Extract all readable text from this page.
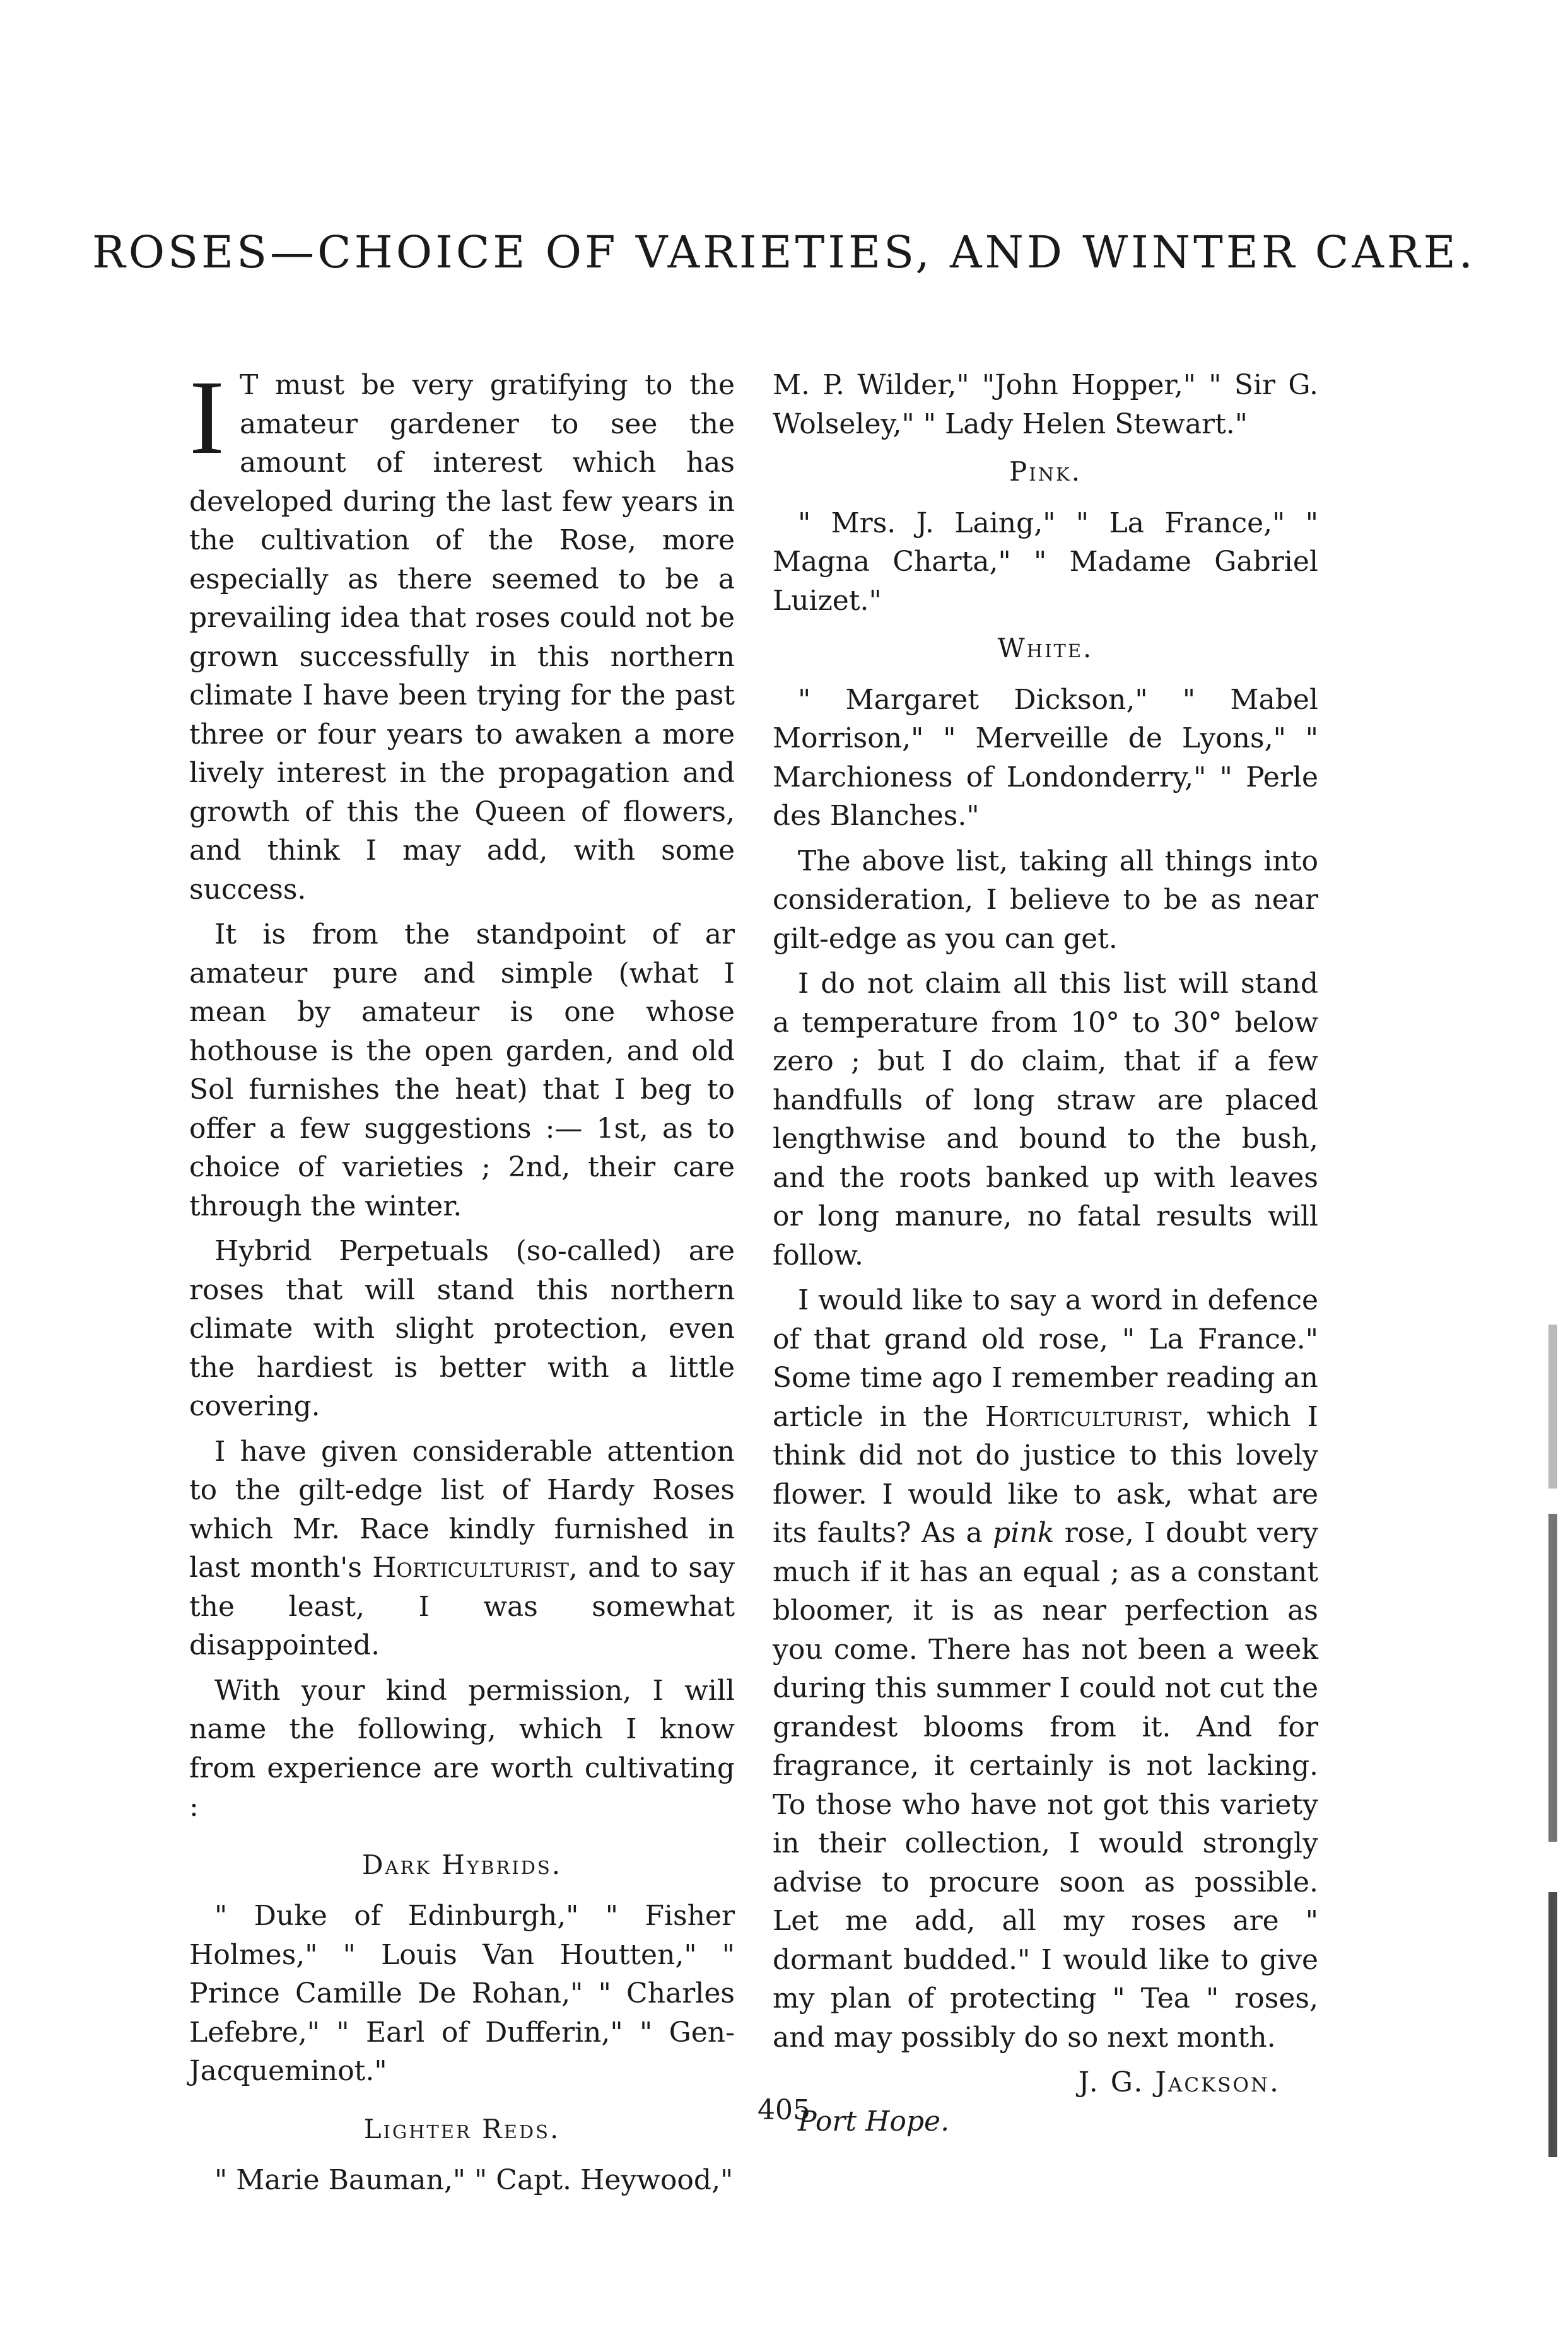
ROSES—CHOICE OF VARIETIES, AND WINTER CARE.

I T must be very gratifying to the amateur gardener to see the amount of interest which has developed during the last few years in the cultivation of the Rose, more especially as there seemed to be a prevailing idea that roses could not be grown successfully in this northern climate I have been trying for the past three or four years to awaken a more lively interest in the propagation and growth of this the Queen of flowers, and think I may add, with some success.

It is from the standpoint of ar amateur pure and simple (what I mean by amateur is one whose hothouse is the open garden, and old Sol furnishes the heat) that I beg to offer a few suggestions :— 1st, as to choice of varieties ; 2nd, their care through the winter.

Hybrid Perpetuals (so-called) are roses that will stand this northern climate with slight protection, even the hardiest is better with a little covering.

I have given considerable attention to the gilt-edge list of Hardy Roses which Mr. Race kindly furnished in last month's Horticulturist, and to say the least, I was somewhat disappointed.

With your kind permission, I will name the following, which I know from experience are worth cultivating :

Dark Hybrids.

" Duke of Edinburgh," " Fisher Holmes," " Louis Van Houtten," " Prince Camille De Rohan," " Charles Lefebre," " Earl of Dufferin," " Gen-Jacqueminot."

Lighter Reds.

" Marie Bauman," " Capt. Heywood,"

M. P. Wilder," "John Hopper," " Sir G. Wolseley," " Lady Helen Stewart."

Pink.

" Mrs. J. Laing," " La France," " Magna Charta," " Madame Gabriel Luizet."

White.

" Margaret Dickson," " Mabel Morrison," " Merveille de Lyons," " Marchioness of Londonderry," " Perle des Blanches."

The above list, taking all things into consideration, I believe to be as near gilt-edge as you can get.

I do not claim all this list will stand a temperature from 10° to 30° below zero ; but I do claim, that if a few handfulls of long straw are placed lengthwise and bound to the bush, and the roots banked up with leaves or long manure, no fatal results will follow.

I would like to say a word in defence of that grand old rose, " La France." Some time ago I remember reading an article in the Horticulturist, which I think did not do justice to this lovely flower. I would like to ask, what are its faults? As a pink rose, I doubt very much if it has an equal ; as a constant bloomer, it is as near perfection as you come. There has not been a week during this summer I could not cut the grandest blooms from it. And for fragrance, it certainly is not lacking. To those who have not got this variety in their collection, I would strongly advise to procure soon as possible. Let me add, all my roses are " dormant budded." I would like to give my plan of protecting " Tea " roses, and may possibly do so next month.

J. G. Jackson.

Port Hope.

405
